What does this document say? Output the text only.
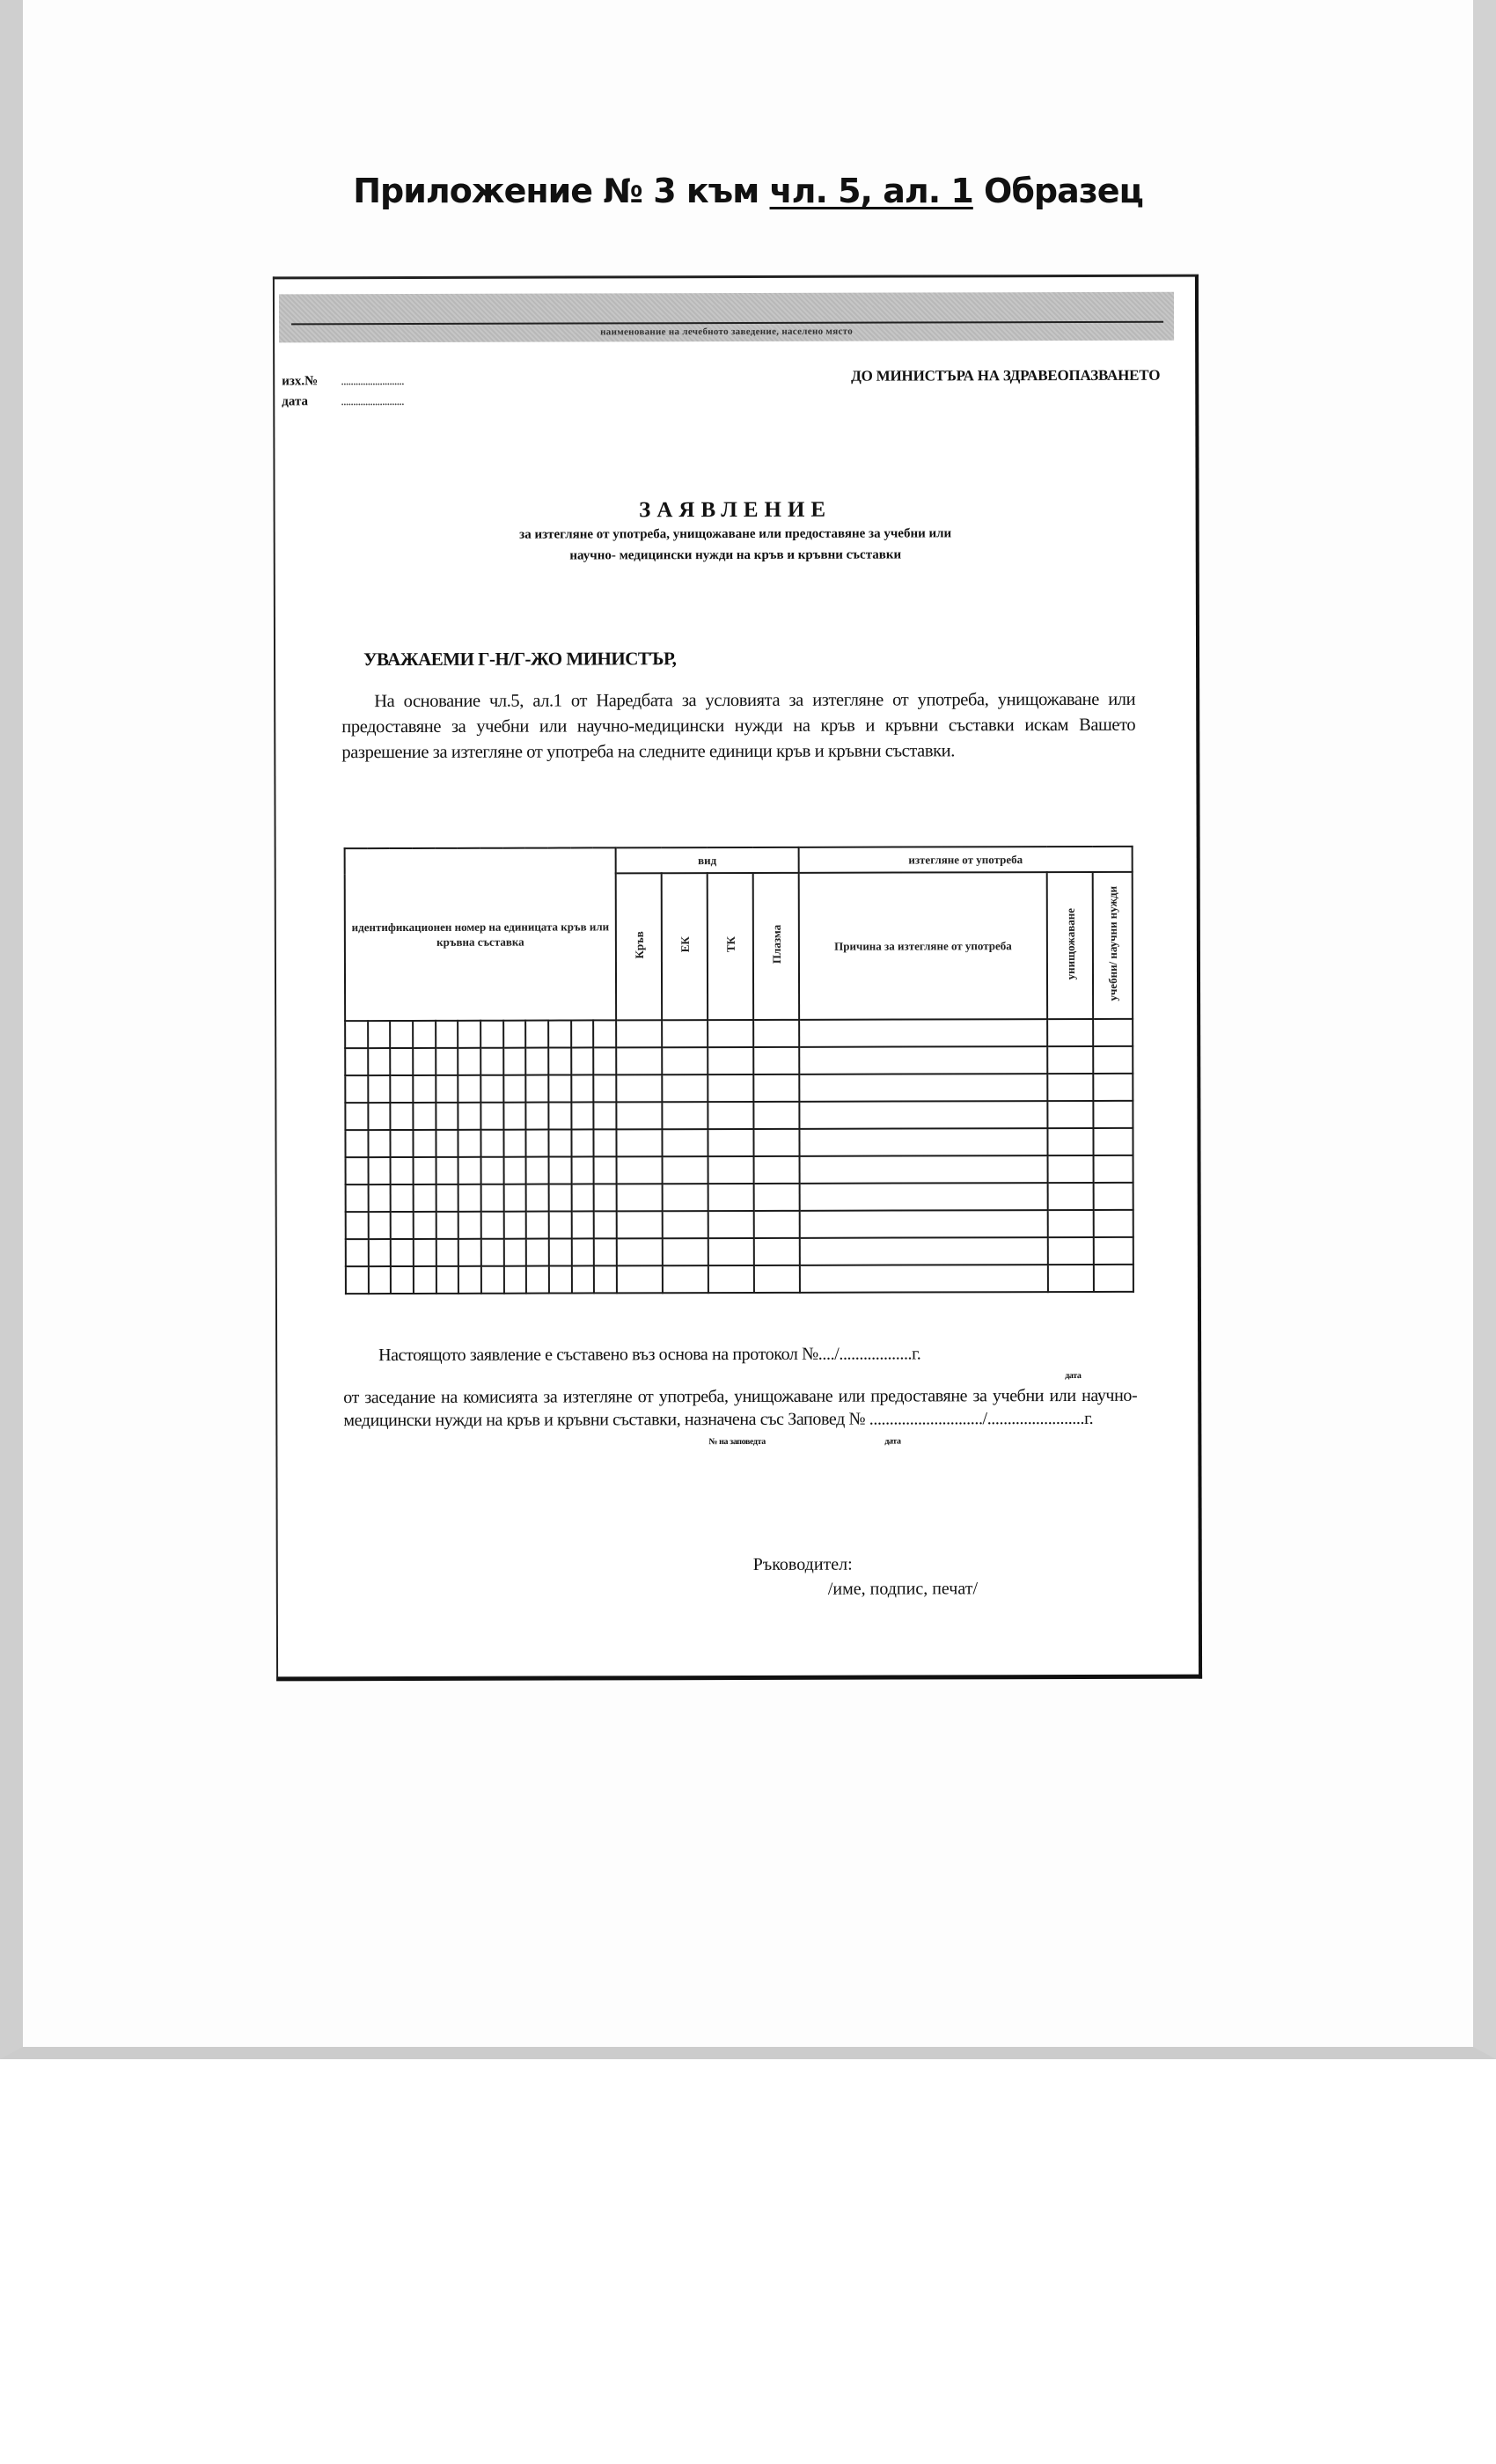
Приложение № 3 към чл. 5, ал. 1 Образец
наименование на лечебното заведение, населено място
изх.№	..........................
дата	..........................
ДО МИНИСТЪРА НА ЗДРАВЕОПАЗВАНЕТО
ЗАЯВЛЕНИЕ
за изтегляне от употреба, унищожаване или предоставяне за учебни или
научно- медицински нужди на кръв и кръвни съставки
УВАЖАЕМИ Г-Н/Г-ЖО МИНИСТЪР,
На основание чл.5, ал.1 от Наредбата за условията за изтегляне от употреба, унищожаване или предоставяне за учебни или научно-медицински нужди на кръв и кръвни съставки искам Вашето разрешение за изтегляне от употреба на следните единици кръв и кръвни съставки.
идентификационен номер на единицата кръв или кръвна съставка												вид				изтегляне от употреба		
												Кръв	ЕК	ТК	Плазма	Причина за изтегляне от употреба	унищожаване	учебни/ научни нужди

Настоящото заявление е съставено въз основа на протокол №..../..................г.
дата
от заседание на комисията за изтегляне от употреба, унищожаване или предоставяне за учебни или научно-медицински нужди на кръв и кръвни съставки, назначена със Заповед № ............................/........................г.
№ на заповедта	дата
Ръководител:
/име, подпис, печат/
